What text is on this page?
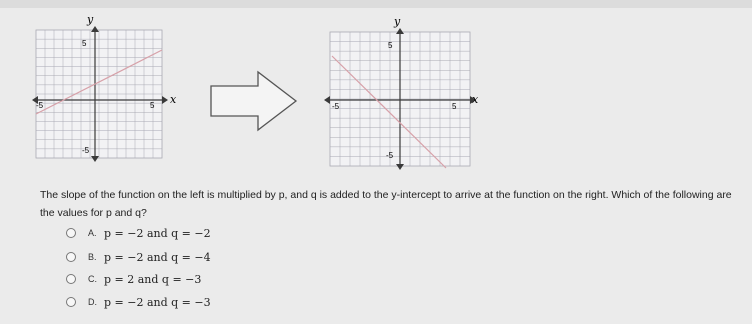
y
x
5
-5
-5	5
y
x
5
-5
-5	5
The slope of the function on the left is multiplied by p, and q is added to the y-intercept to arrive at the function on the right. Which of the following are the values for p and q?
A. p = −2 and q = −2
B. p = −2 and q = −4
C. p = 2 and q = −3
D. p = −2 and q = −3
